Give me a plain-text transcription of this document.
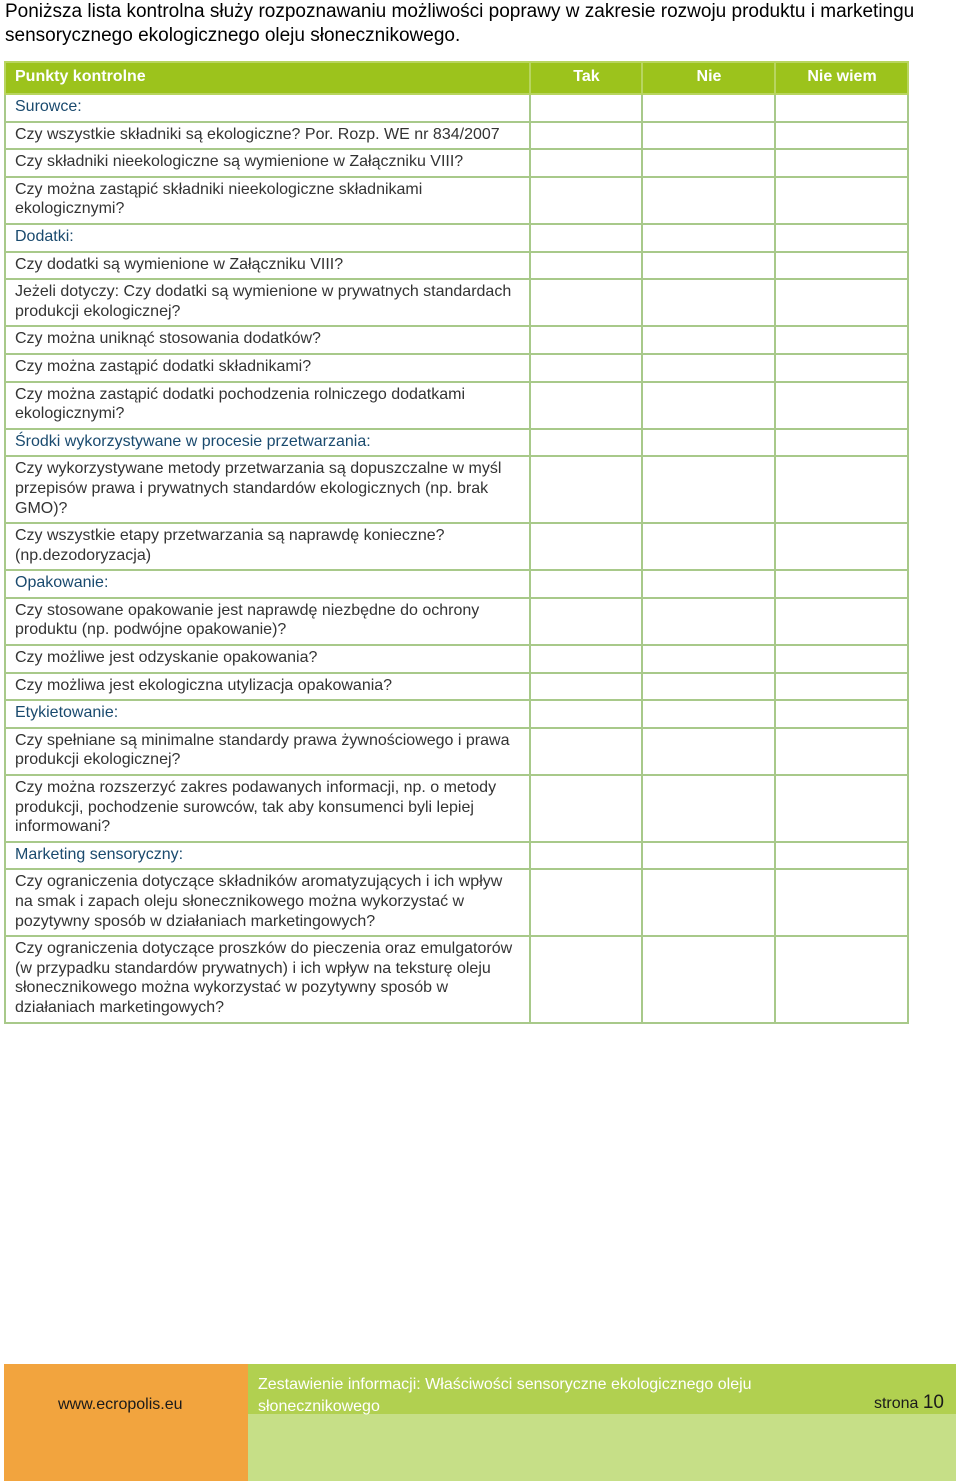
Poniższa lista kontrolna służy rozpoznawaniu możliwości poprawy w zakresie rozwoju produktu i marketingu sensorycznego ekologicznego oleju słonecznikowego.
Punkty kontrolne	Tak	Nie	Nie wiem
Surowce:			
Czy wszystkie składniki są ekologiczne? Por. Rozp. WE nr 834/2007			
Czy składniki nieekologiczne są wymienione w Załączniku VIII?			
Czy można zastąpić składniki nieekologiczne składnikami ekologicznymi?			
Dodatki:			
Czy dodatki są wymienione w Załączniku VIII?			
Jeżeli dotyczy: Czy dodatki są wymienione w prywatnych standardach produkcji ekologicznej?			
Czy można uniknąć stosowania dodatków?			
Czy można zastąpić dodatki składnikami?			
Czy można zastąpić dodatki pochodzenia rolniczego dodatkami ekologicznymi?			
Środki wykorzystywane w procesie przetwarzania:			
Czy wykorzystywane metody przetwarzania są dopuszczalne w myśl przepisów prawa i prywatnych standardów ekologicznych (np. brak GMO)?			
Czy wszystkie etapy przetwarzania są naprawdę konieczne? (np.dezodoryzacja)			
Opakowanie:			
Czy stosowane opakowanie jest naprawdę niezbędne do ochrony produktu (np. podwójne opakowanie)?			
Czy możliwe jest odzyskanie opakowania?			
Czy możliwa jest ekologiczna utylizacja opakowania?			
Etykietowanie:			
Czy spełniane są minimalne standardy prawa żywnościowego i prawa produkcji ekologicznej?			
Czy można rozszerzyć zakres podawanych informacji, np. o metody produkcji, pochodzenie surowców, tak aby konsumenci byli lepiej informowani?			
Marketing sensoryczny:			
Czy ograniczenia dotyczące składników aromatyzujących i ich wpływ na smak i zapach oleju słonecznikowego można wykorzystać w pozytywny sposób w działaniach marketingowych?			
Czy ograniczenia dotyczące proszków do pieczenia oraz emulgatorów (w przypadku standardów prywatnych) i ich wpływ na teksturę oleju słonecznikowego można wykorzystać w pozytywny sposób w działaniach marketingowych?			
www.ecropolis.eu
Zestawienie informacji: Właściwości sensoryczne ekologicznego oleju słonecznikowego	strona 10
